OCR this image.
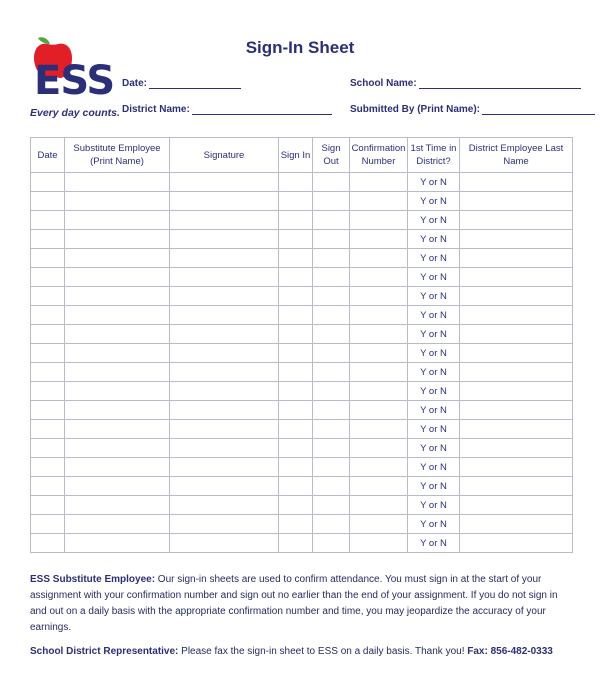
ESS
Every day counts.
Sign-In Sheet
Date:	School Name:
District Name:	Submitted By (Print Name):
Date	Substitute Employee (Print Name)	Signature	Sign In	Sign Out	Confirmation Number	1st Time in District?	District Employee Last Name
						Y or N	
						Y or N	
						Y or N	
						Y or N	
						Y or N	
						Y or N	
						Y or N	
						Y or N	
						Y or N	
						Y or N	
						Y or N	
						Y or N	
						Y or N	
						Y or N	
						Y or N	
						Y or N	
						Y or N	
						Y or N	
						Y or N	
						Y or N	

ESS Substitute Employee: Our sign-in sheets are used to confirm attendance. You must sign in at the start of your assignment with your confirmation number and sign out no earlier than the end of your assignment. If you do not sign in and out on a daily basis with the appropriate confirmation number and time, you may jeopardize the accuracy of your earnings.

School District Representative: Please fax the sign-in sheet to ESS on a daily basis. Thank you! Fax: 856-482-0333
